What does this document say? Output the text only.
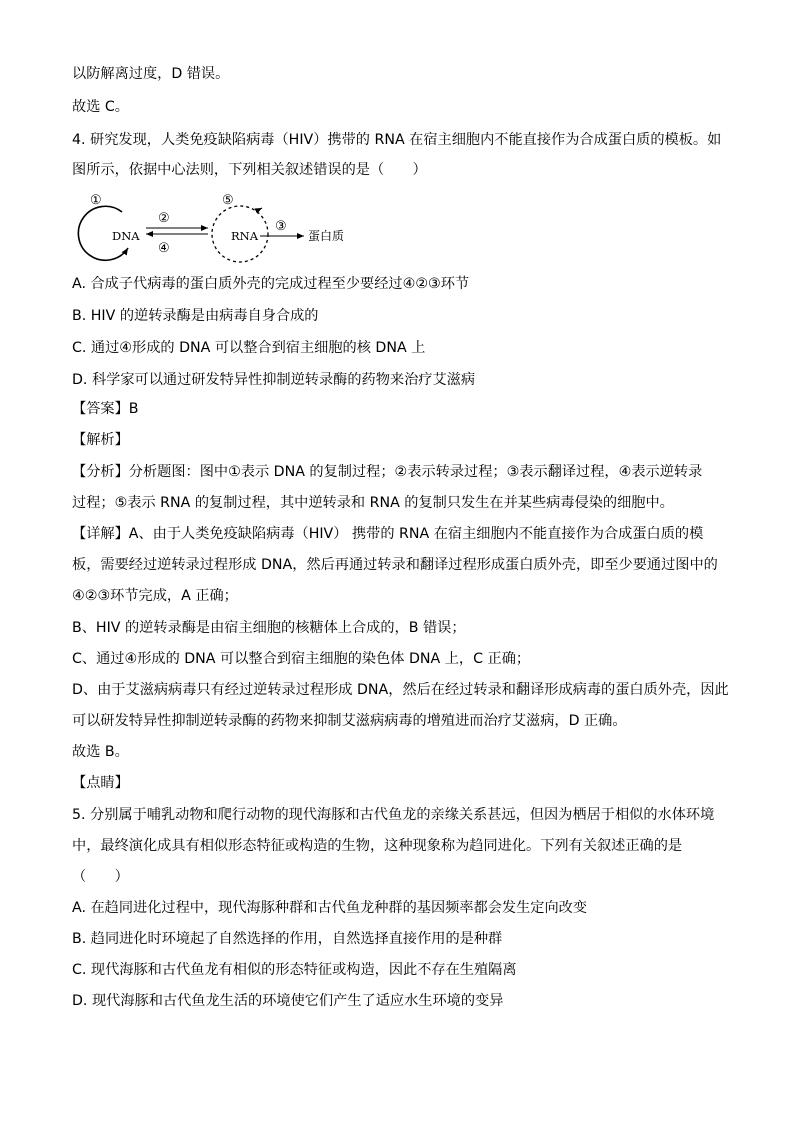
以防解离过度，D 错误。
故选 C。
4. 研究发现，人类免疫缺陷病毒（HIV）携带的 RNA 在宿主细胞内不能直接作为合成蛋白质的模板。如
图所示，依据中心法则，下列相关叙述错误的是（　　）
①
DNA
②
④
⑤
RNA
③
蛋白质
A. 合成子代病毒的蛋白质外壳的完成过程至少要经过④②③环节
B. HIV 的逆转录酶是由病毒自身合成的
C. 通过④形成的 DNA 可以整合到宿主细胞的核 DNA 上
D. 科学家可以通过研发特异性抑制逆转录酶的药物来治疗艾滋病
【答案】B
【解析】
【分析】分析题图：图中①表示 DNA 的复制过程；②表示转录过程；③表示翻译过程，④表示逆转录
过程；⑤表示 RNA 的复制过程，其中逆转录和 RNA 的复制只发生在并某些病毒侵染的细胞中。
【详解】A、由于人类免疫缺陷病毒（HIV） 携带的 RNA 在宿主细胞内不能直接作为合成蛋白质的模
板，需要经过逆转录过程形成 DNA，然后再通过转录和翻译过程形成蛋白质外壳，即至少要通过图中的
④②③环节完成，A 正确；
B、HIV 的逆转录酶是由宿主细胞的核糖体上合成的，B 错误；
C、通过④形成的 DNA 可以整合到宿主细胞的染色体 DNA 上，C 正确；
D、由于艾滋病病毒只有经过逆转录过程形成 DNA，然后在经过转录和翻译形成病毒的蛋白质外壳，因此
可以研发特异性抑制逆转录酶的药物来抑制艾滋病病毒的增殖进而治疗艾滋病，D 正确。
故选 B。
【点睛】
5. 分别属于哺乳动物和爬行动物的现代海豚和古代鱼龙的亲缘关系甚远，但因为栖居于相似的水体环境
中，最终演化成具有相似形态特征或构造的生物，这种现象称为趋同进化。下列有关叙述正确的是
（　　）
A. 在趋同进化过程中，现代海豚种群和古代鱼龙种群的基因频率都会发生定向改变
B. 趋同进化时环境起了自然选择的作用，自然选择直接作用的是种群
C. 现代海豚和古代鱼龙有相似的形态特征或构造，因此不存在生殖隔离
D. 现代海豚和古代鱼龙生活的环境使它们产生了适应水生环境的变异
